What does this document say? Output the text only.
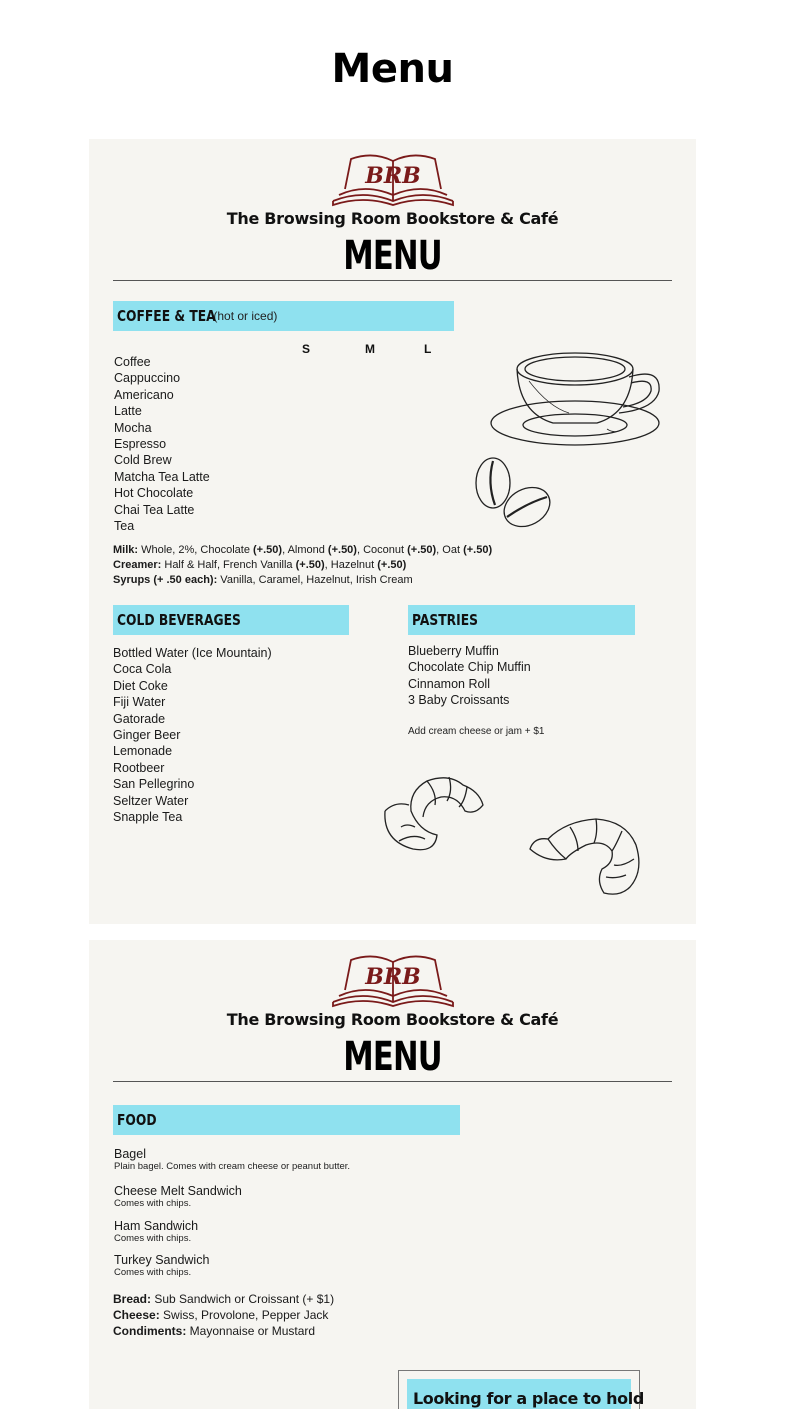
Menu
BRB
The Browsing Room Bookstore & Café
MENU
COFFEE & TEA
(hot or iced)
S	M	L
Coffee
Cappuccino
Americano
Latte
Mocha
Espresso
Cold Brew
Matcha Tea Latte
Hot Chocolate
Chai Tea Latte
Tea
Milk: Whole, 2%, Chocolate (+.50), Almond (+.50), Coconut (+.50), Oat (+.50)
Creamer: Half & Half, French Vanilla (+.50), Hazelnut (+.50)
Syrups (+ .50 each): Vanilla, Caramel, Hazelnut, Irish Cream
COLD BEVERAGES
Bottled Water (Ice Mountain)
Coca Cola
Diet Coke
Fiji Water
Gatorade
Ginger Beer
Lemonade
Rootbeer
San Pellegrino
Seltzer Water
Snapple Tea
PASTRIES
Blueberry Muffin
Chocolate Chip Muffin
Cinnamon Roll
3 Baby Croissants
Add cream cheese or jam + $1
BRB
The Browsing Room Bookstore & Café
MENU
FOOD
Bagel
Plain bagel. Comes with cream cheese or peanut butter.
Cheese Melt Sandwich
Comes with chips.
Ham Sandwich
Comes with chips.
Turkey Sandwich
Comes with chips.
Bread: Sub Sandwich or Croissant (+ $1)
Cheese: Swiss, Provolone, Pepper Jack
Condiments: Mayonnaise or Mustard
Looking for a place to hold
